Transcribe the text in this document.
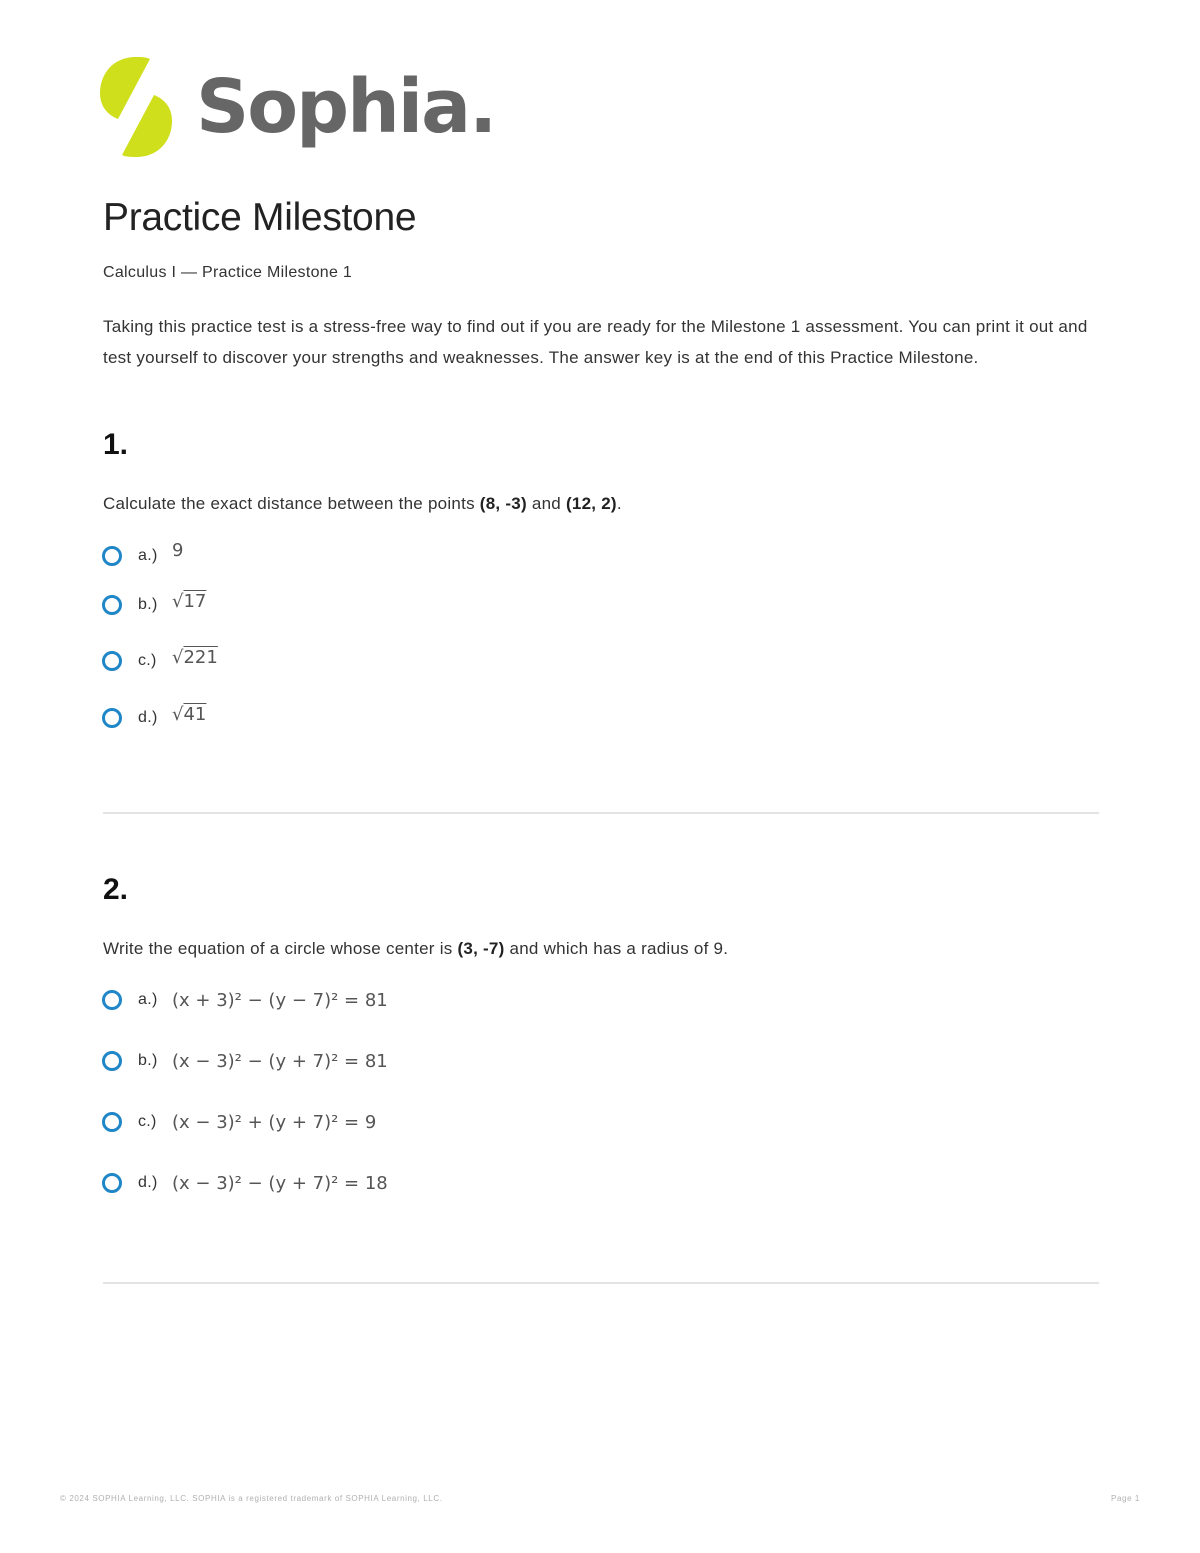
Sophia.
Practice Milestone
Calculus I — Practice Milestone 1
Taking this practice test is a stress-free way to find out if you are ready for the Milestone 1 assessment. You can print it out and test yourself to discover your strengths and weaknesses. The answer key is at the end of this Practice Milestone.
1.
Calculate the exact distance between the points (8, -3) and (12, 2).
a.) 9
b.) √17
c.) √221
d.) √41
2.
Write the equation of a circle whose center is (3, -7) and which has a radius of 9.
a.) (x + 3)² − (y − 7)² = 81
b.) (x − 3)² − (y + 7)² = 81
c.) (x − 3)² + (y + 7)² = 9
d.) (x − 3)² − (y + 7)² = 18
© 2024 SOPHIA Learning, LLC. SOPHIA is a registered trademark of SOPHIA Learning, LLC.	Page 1
